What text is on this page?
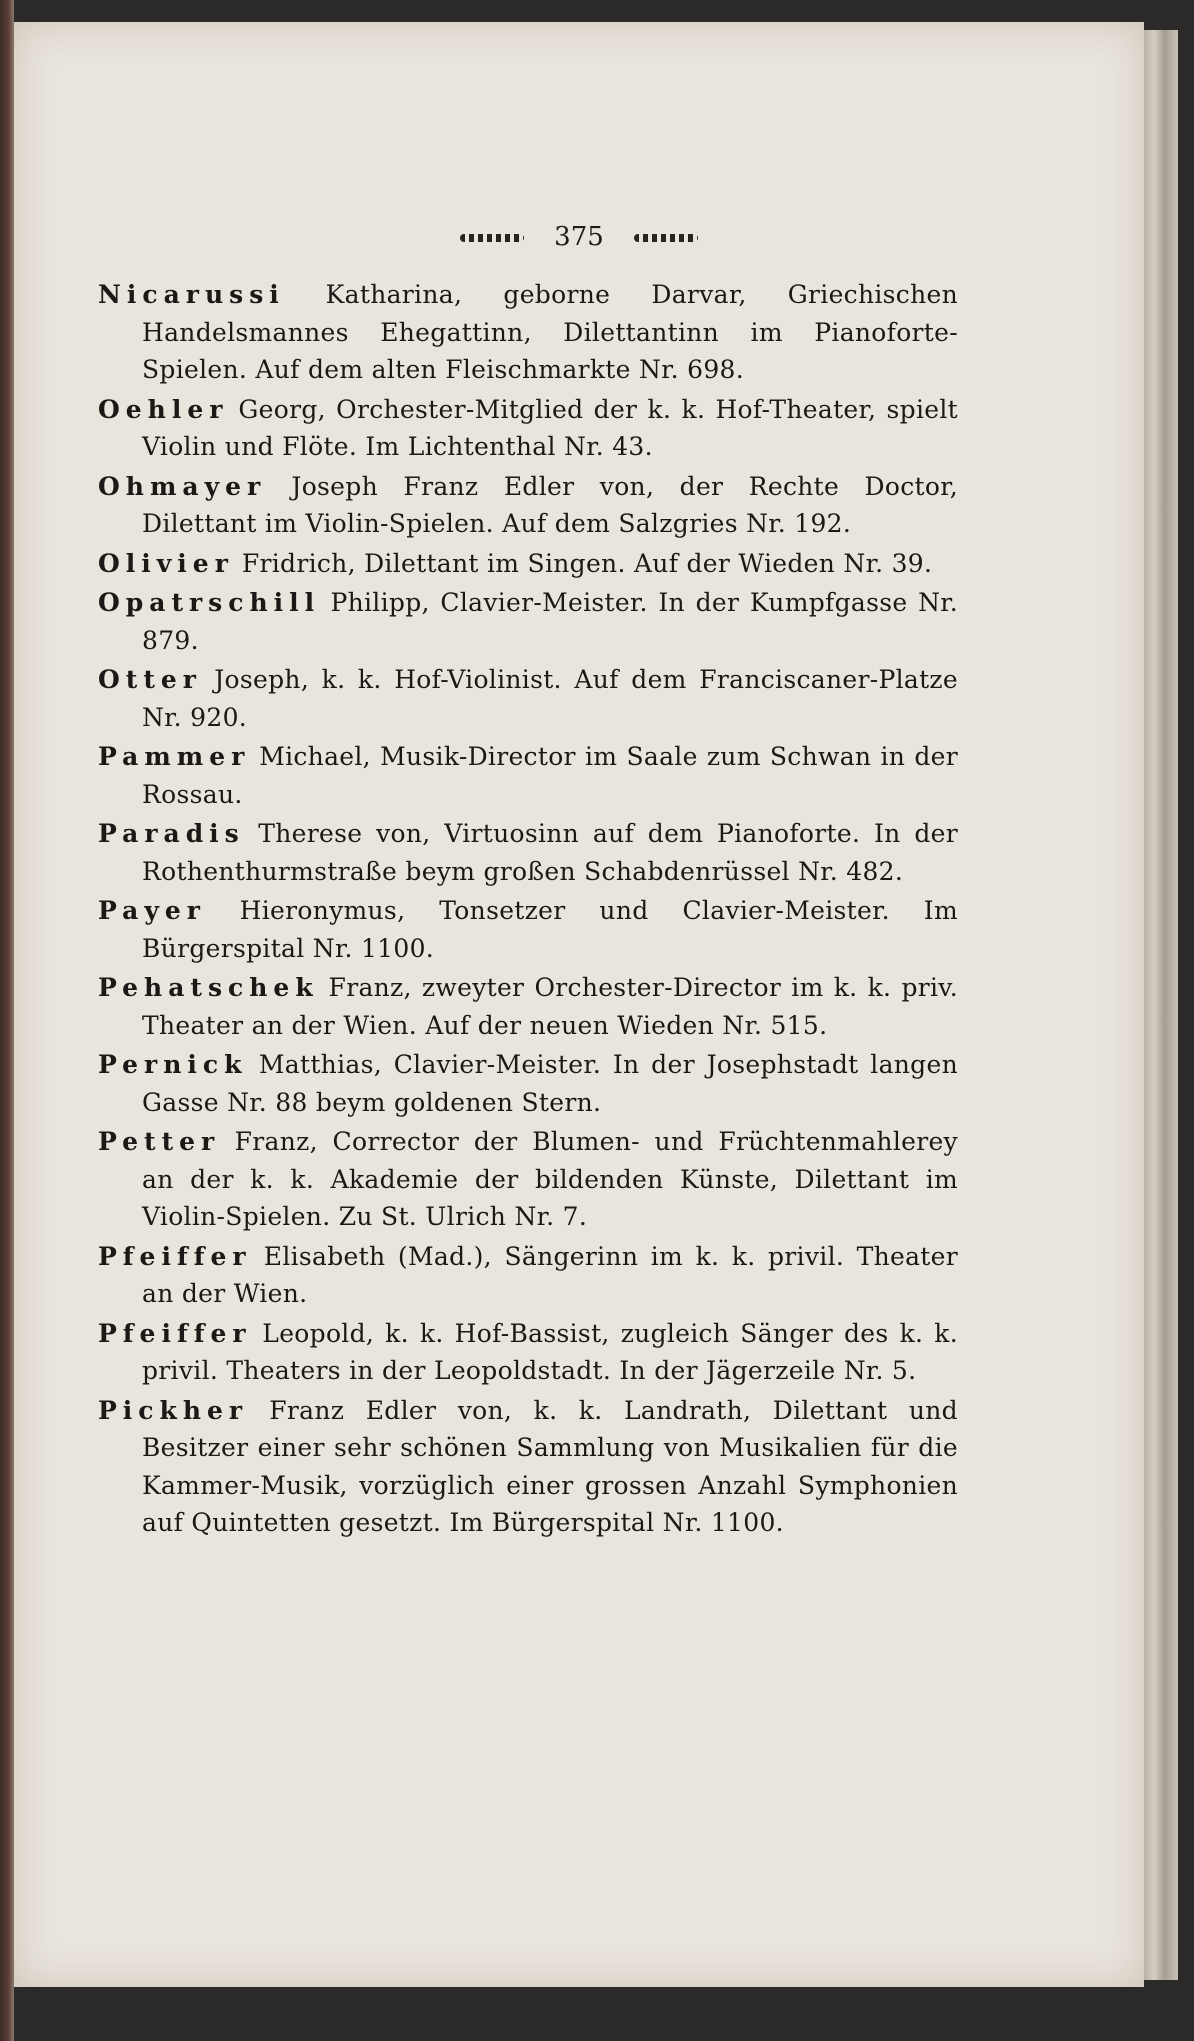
375

Nicarussi Katharina, geborne Darvar, Griechischen Handelsmannes Ehegattinn, Dilettantinn im Pianoforte-Spielen. Auf dem alten Fleischmarkte Nr. 698.

Oehler Georg, Orchester-Mitglied der k. k. Hof-Theater, spielt Violin und Flöte. Im Lichtenthal Nr. 43.

Ohmayer Joseph Franz Edler von, der Rechte Doctor, Dilettant im Violin-Spielen. Auf dem Salzgries Nr. 192.

Olivier Fridrich, Dilettant im Singen. Auf der Wieden Nr. 39.

Opatrschill Philipp, Clavier-Meister. In der Kumpfgasse Nr. 879.

Otter Joseph, k. k. Hof-Violinist. Auf dem Franciscaner-Platze Nr. 920.

Pammer Michael, Musik-Director im Saale zum Schwan in der Rossau.

Paradis Therese von, Virtuosinn auf dem Pianoforte. In der Rothenthurmstraße beym großen Schabdenrüssel Nr. 482.

Payer Hieronymus, Tonsetzer und Clavier-Meister. Im Bürgerspital Nr. 1100.

Pehatschek Franz, zweyter Orchester-Director im k. k. priv. Theater an der Wien. Auf der neuen Wieden Nr. 515.

Pernick Matthias, Clavier-Meister. In der Josephstadt langen Gasse Nr. 88 beym goldenen Stern.

Petter Franz, Corrector der Blumen- und Früchtenmahlerey an der k. k. Akademie der bildenden Künste, Dilettant im Violin-Spielen. Zu St. Ulrich Nr. 7.

Pfeiffer Elisabeth (Mad.), Sängerinn im k. k. privil. Theater an der Wien.

Pfeiffer Leopold, k. k. Hof-Bassist, zugleich Sänger des k. k. privil. Theaters in der Leopoldstadt. In der Jägerzeile Nr. 5.

Pickher Franz Edler von, k. k. Landrath, Dilettant und Besitzer einer sehr schönen Sammlung von Musikalien für die Kammer-Musik, vorzüglich einer grossen Anzahl Symphonien auf Quintetten gesetzt. Im Bürgerspital Nr. 1100.
